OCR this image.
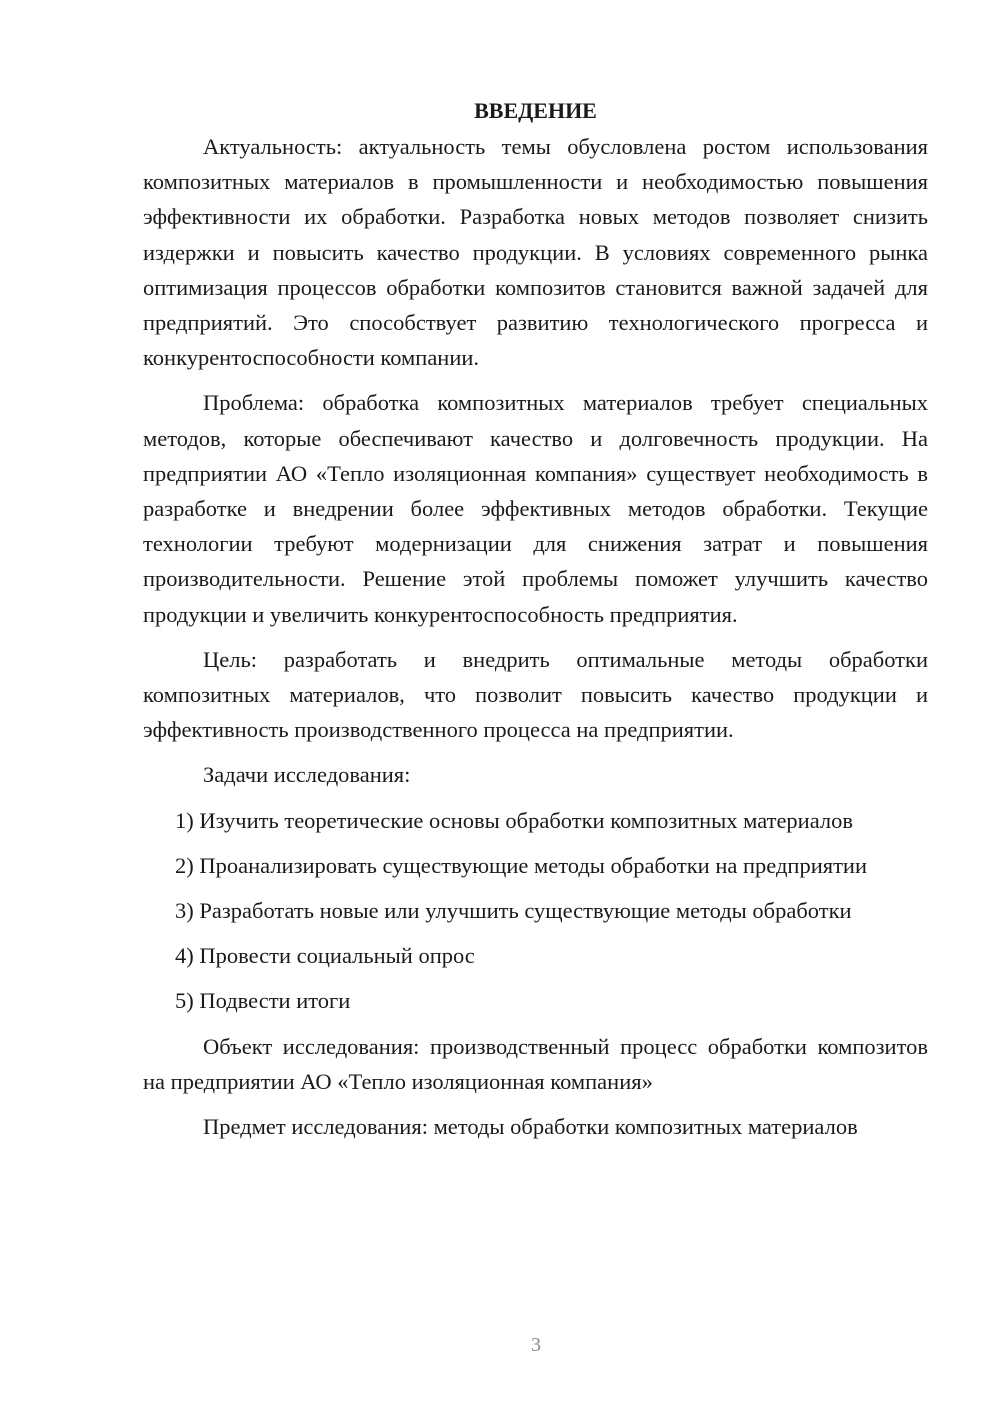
ВВЕДЕНИЕ

Актуальность: актуальность темы обусловлена ростом использования композитных материалов в промышленности и необходимостью повышения эффективности их обработки. Разработка новых методов позволяет снизить издержки и повысить качество продукции. В условиях современного рынка оптимизация процессов обработки композитов становится важной задачей для предприятий. Это способствует развитию технологического прогресса и конкурентоспособности компании.

Проблема: обработка композитных материалов требует специальных методов, которые обеспечивают качество и долговечность продукции. На предприятии АО «Тепло изоляционная компания» существует необходимость в разработке и внедрении более эффективных методов обработки. Текущие технологии требуют модернизации для снижения затрат и повышения производительности. Решение этой проблемы поможет улучшить качество продукции и увеличить конкурентоспособность предприятия.

Цель: разработать и внедрить оптимальные методы обработки композитных материалов, что позволит повысить качество продукции и эффективность производственного процесса на предприятии.

Задачи исследования:

1) Изучить теоретические основы обработки композитных материалов

2) Проанализировать существующие методы обработки на предприятии

3) Разработать новые или улучшить существующие методы обработки

4) Провести социальный опрос

5) Подвести итоги

Объект исследования: производственный процесс обработки композитов на предприятии АО «Тепло изоляционная компания»

Предмет исследования: методы обработки композитных материалов

3
